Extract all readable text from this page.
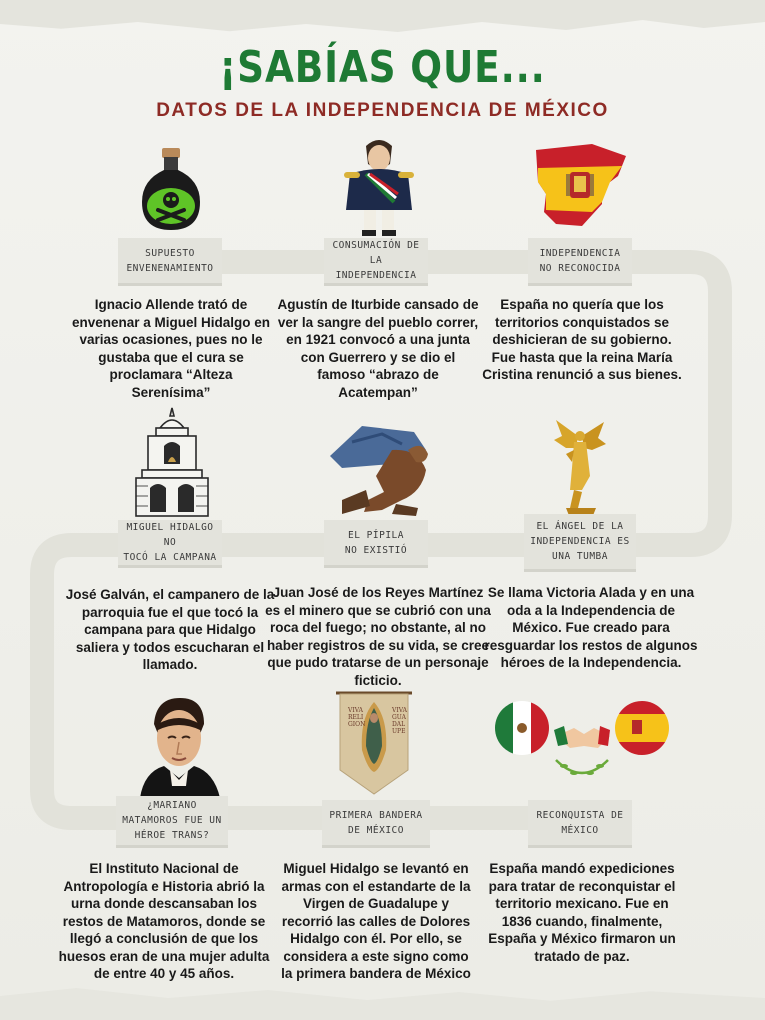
¡SABÍAS QUE...
DATOS DE LA INDEPENDENCIA DE MÉXICO
SUPUESTO
ENVENENAMIENTO
CONSUMACIÓN DE
LA INDEPENDENCIA
INDEPENDENCIA
NO RECONOCIDA
Ignacio Allende trató de envenenar a Miguel Hidalgo en varias ocasiones, pues no le gustaba que el cura se proclamara “Alteza Serenísima”
Agustín de Iturbide cansado de ver la sangre del pueblo correr, en 1921 convocó a una junta con Guerrero y se dio el famoso “abrazo de Acatempan”
España no quería que los territorios conquistados se deshicieran de su gobierno. Fue hasta que la reina María Cristina renunció a sus bienes.
MIGUEL HIDALGO NO
TOCÓ LA CAMPANA
EL PÍPILA
NO EXISTIÓ
EL ÁNGEL DE LA
INDEPENDENCIA ES
UNA TUMBA
José Galván, el campanero de la parroquia fue el que tocó la campana para que Hidalgo saliera y todos escucharan el llamado.
Juan José de los Reyes Martínez es el minero que se cubrió con una roca del fuego; no obstante, al no haber registros de su vida, se cree que pudo tratarse de un personaje ficticio.
Se llama Victoria Alada y en una oda a la Independencia de México. Fue creado para resguardar los restos de algunos héroes de la Independencia.
VIVA RELI GION
VIVA GUA DAL UPE
¿MARIANO
MATAMOROS FUE UN
HÉROE TRANS?
PRIMERA BANDERA
DE MÉXICO
RECONQUISTA DE
MÉXICO
El Instituto Nacional de Antropología e Historia abrió la urna donde descansaban los restos de Matamoros, donde se llegó a conclusión de que los huesos eran de una mujer adulta de entre 40 y 45 años.
Miguel Hidalgo se levantó en armas con el estandarte de la Virgen de Guadalupe y recorrió las calles de Dolores Hidalgo con él. Por ello, se considera a este signo como la primera bandera de México
España mandó expediciones para tratar de reconquistar el territorio mexicano. Fue en 1836 cuando, finalmente, España y México firmaron un tratado de paz.
